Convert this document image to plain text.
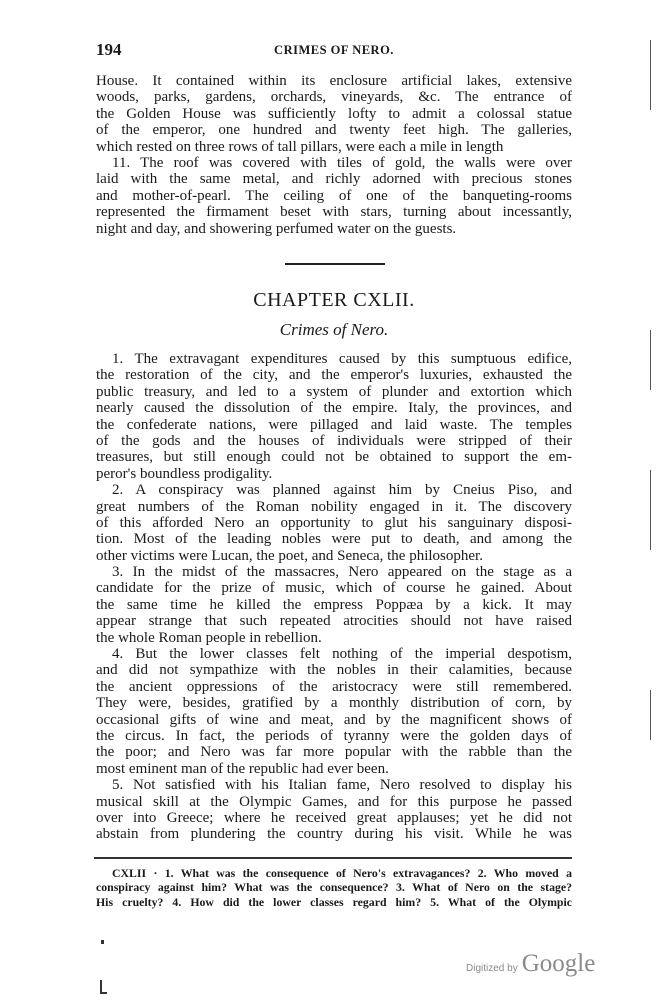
194	CRIMES OF NERO.
House. It contained within its enclosure artificial lakes, extensive
woods, parks, gardens, orchards, vineyards, &c. The entrance of
the Golden House was sufficiently lofty to admit a colossal statue
of the emperor, one hundred and twenty feet high. The galleries,
which rested on three rows of tall pillars, were each a mile in length
11. The roof was covered with tiles of gold, the walls were over
laid with the same metal, and richly adorned with precious stones
and mother-of-pearl. The ceiling of one of the banqueting-rooms
represented the firmament beset with stars, turning about incessantly,
night and day, and showering perfumed water on the guests.
CHAPTER CXLII.
Crimes of Nero.
1. The extravagant expenditures caused by this sumptuous edifice,
the restoration of the city, and the emperor's luxuries, exhausted the
public treasury, and led to a system of plunder and extortion which
nearly caused the dissolution of the empire. Italy, the provinces, and
the confederate nations, were pillaged and laid waste. The temples
of the gods and the houses of individuals were stripped of their
treasures, but still enough could not be obtained to support the em-
peror's boundless prodigality.
2. A conspiracy was planned against him by Cneius Piso, and
great numbers of the Roman nobility engaged in it. The discovery
of this afforded Nero an opportunity to glut his sanguinary disposi-
tion. Most of the leading nobles were put to death, and among the
other victims were Lucan, the poet, and Seneca, the philosopher.
3. In the midst of the massacres, Nero appeared on the stage as a
candidate for the prize of music, which of course he gained. About
the same time he killed the empress Poppæa by a kick. It may
appear strange that such repeated atrocities should not have raised
the whole Roman people in rebellion.
4. But the lower classes felt nothing of the imperial despotism,
and did not sympathize with the nobles in their calamities, because
the ancient oppressions of the aristocracy were still remembered.
They were, besides, gratified by a monthly distribution of corn, by
occasional gifts of wine and meat, and by the magnificent shows of
the circus. In fact, the periods of tyranny were the golden days of
the poor; and Nero was far more popular with the rabble than the
most eminent man of the republic had ever been.
5. Not satisfied with his Italian fame, Nero resolved to display his
musical skill at the Olympic Games, and for this purpose he passed
over into Greece; where he received great applauses; yet he did not
abstain from plundering the country during his visit. While he was
CXLII · 1. What was the consequence of Nero's extravagances? 2. Who moved a
conspiracy against him? What was the consequence? 3. What of Nero on the stage?
His cruelty? 4. How did the lower classes regard him? 5. What of the Olympic
Digitized by Google
